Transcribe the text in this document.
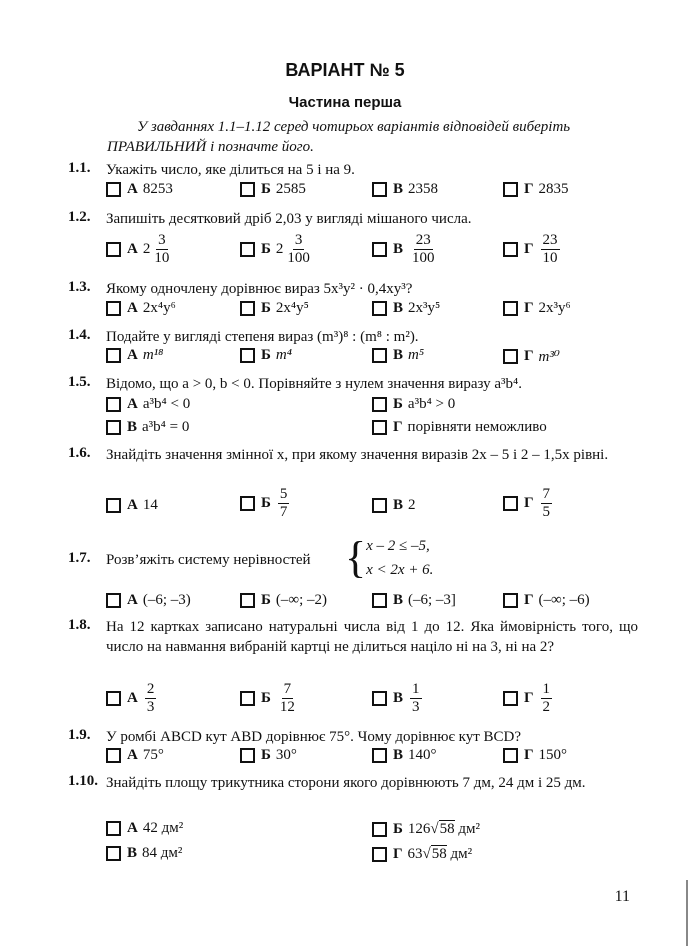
ВАРІАНТ № 5
Частина перша
У завданнях 1.1–1.12 серед чотирьох варіантів відповідей виберіть ПРАВИЛЬНИЙ і позначте його.
1.1. Укажіть число, яке ділиться на 5 і на 9.
А 8253	Б 2585	В 2358	Г 2835
1.2. Запишіть десятковий дріб 2,03 у вигляді мішаного числа.
А $2 \frac{3}{10}$	Б $2 \frac{3}{100}$	В $\frac{23}{100}$	Г $\frac{23}{10}$
1.3. Якому одночлену дорівнює вираз 5x³y² · 0,4xy³?
А 2x⁴y⁶	Б 2x⁴y⁵	В 2x³y⁵	Г 2x³y⁶
1.4. Подайте у вигляді степеня вираз (m³)⁸ : (m⁸ : m²).
А m¹⁸	Б m⁴	В m⁵	Г m³⁰
1.5. Відомо, що a > 0, b < 0. Порівняйте з нулем значення виразу a³b⁴.
А a³b⁴ < 0	Б a³b⁴ > 0
В a³b⁴ = 0	Г порівняти неможливо
1.6. Знайдіть значення змінної x, при якому значення виразів 2x – 5 і 2 – 1,5x рівні.
А 14	Б $\frac{5}{7}$	В 2	Г $\frac{7}{5}$
1.7. Розв’яжіть систему нерівностей { x – 2 ≤ –5,
x < 2x + 6.
А (–6; –3)	Б (–∞; –2)	В (–6; –3]	Г (–∞; –6)
1.8. На 12 картках записано натуральні числа від 1 до 12. Яка ймовірність того, що число на навмання вибраній картці не ділиться націло ні на 3, ні на 2?
А $\frac{2}{3}$	Б $\frac{7}{12}$	В $\frac{1}{3}$	Г $\frac{1}{2}$
1.9. У ромбі ABCD кут ABD дорівнює 75°. Чому дорівнює кут BCD?
А 75°	Б 30°	В 140°	Г 150°
1.10. Знайдіть площу трикутника сторони якого дорівнюють 7 дм, 24 дм і 25 дм.
А 42 дм²	Б 126 √ 58 дм²
В 84 дм²	Г 63 √ 58 дм²
11
